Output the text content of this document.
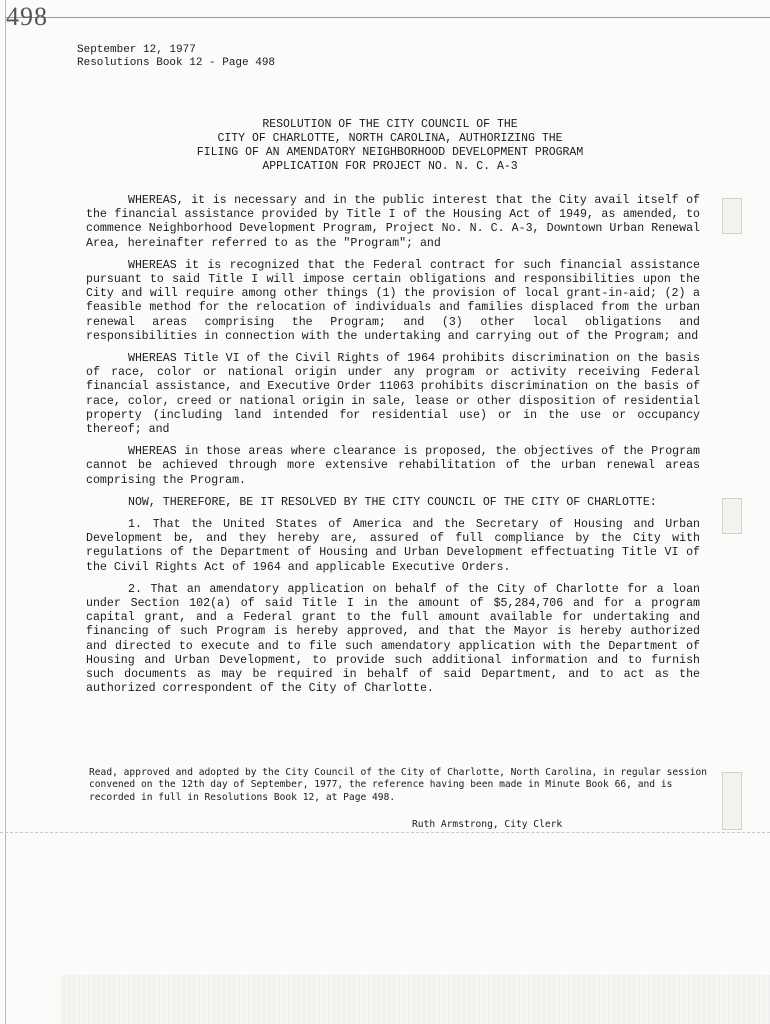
498
September 12, 1977
Resolutions Book 12 - Page 498
RESOLUTION OF THE CITY COUNCIL OF THE
CITY OF CHARLOTTE, NORTH CAROLINA, AUTHORIZING THE
FILING OF AN AMENDATORY NEIGHBORHOOD DEVELOPMENT PROGRAM
APPLICATION FOR PROJECT NO. N. C. A-3

WHEREAS, it is necessary and in the public interest that the City avail itself of the financial assistance provided by Title I of the Housing Act of 1949, as amended, to commence Neighborhood Development Program, Project No. N. C. A-3, Downtown Urban Renewal Area, hereinafter referred to as the "Program"; and

WHEREAS it is recognized that the Federal contract for such financial assistance pursuant to said Title I will impose certain obligations and responsibilities upon the City and will require among other things (1) the provision of local grant-in-aid; (2) a feasible method for the relocation of individuals and families displaced from the urban renewal areas comprising the Program; and (3) other local obligations and responsibilities in connection with the undertaking and carrying out of the Program; and

WHEREAS Title VI of the Civil Rights of 1964 prohibits discrimination on the basis of race, color or national origin under any program or activity receiving Federal financial assistance, and Executive Order 11063 prohibits discrimination on the basis of race, color, creed or national origin in sale, lease or other disposition of residential property (including land intended for residential use) or in the use or occupancy thereof; and

WHEREAS in those areas where clearance is proposed, the objectives of the Program cannot be achieved through more extensive rehabilitation of the urban renewal areas comprising the Program.

NOW, THEREFORE, BE IT RESOLVED BY THE CITY COUNCIL OF THE CITY OF CHARLOTTE:

1. That the United States of America and the Secretary of Housing and Urban Development be, and they hereby are, assured of full compliance by the City with regulations of the Department of Housing and Urban Development effectuating Title VI of the Civil Rights Act of 1964 and applicable Executive Orders.

2. That an amendatory application on behalf of the City of Charlotte for a loan under Section 102(a) of said Title I in the amount of $5,284,706 and for a program capital grant, and a Federal grant to the full amount available for undertaking and financing of such Program is hereby approved, and that the Mayor is hereby authorized and directed to execute and to file such amendatory application with the Department of Housing and Urban Development, to provide such additional information and to furnish such documents as may be required in behalf of said Department, and to act as the authorized correspondent of the City of Charlotte.

Read, approved and adopted by the City Council of the City of Charlotte, North Carolina, in regular session convened on the 12th day of September, 1977, the reference having been made in Minute Book 66, and is recorded in full in Resolutions Book 12, at Page 498.
Ruth Armstrong, City Clerk
